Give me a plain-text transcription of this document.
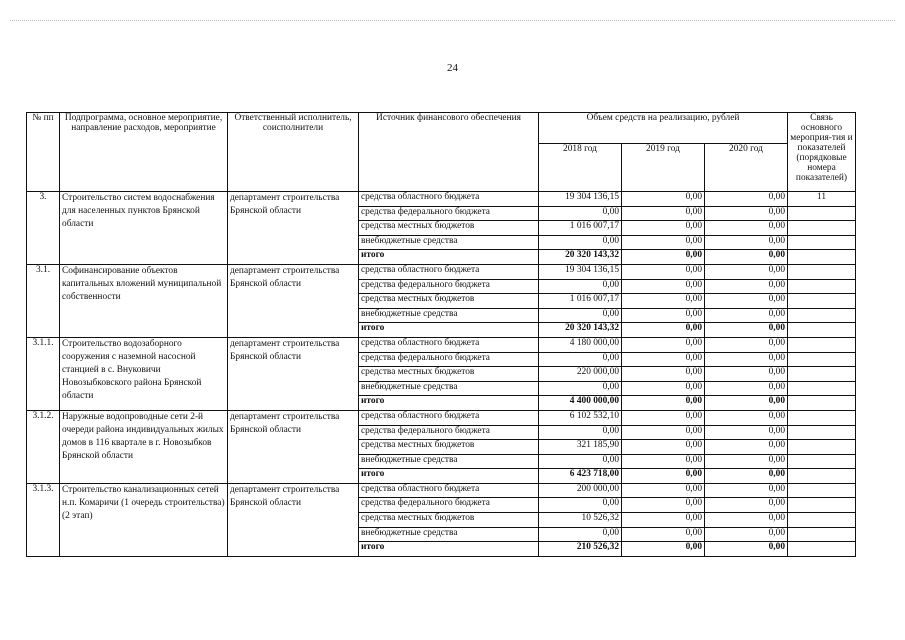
24
№ пп	Подпрограмма, основное мероприятие, направление расходов, мероприятие	Ответственный исполнитель, соисполнители	Источник финансового обеспечения	Объем средств на реализацию, рублей			Связь основного мероприя-тия и показателей (порядковые номера показателей)
				2018 год	2019 год	2020 год	
3.	Строительство систем водоснабжения для населенных пунктов Брянской области	департамент строительства Брянской области	средства областного бюджета	19 304 136,15	0,00	0,00	11
			средства федерального бюджета	0,00	0,00	0,00	
			средства местных бюджетов	1 016 007,17	0,00	0,00	
			внебюджетные средства	0,00	0,00	0,00	
			итого	20 320 143,32	0,00	0,00	
3.1.	Софинансирование объектов капитальных вложений муниципальной собственности	департамент строительства Брянской области	средства областного бюджета	19 304 136,15	0,00	0,00	
			средства федерального бюджета	0,00	0,00	0,00	
			средства местных бюджетов	1 016 007,17	0,00	0,00	
			внебюджетные средства	0,00	0,00	0,00	
			итого	20 320 143,32	0,00	0,00	
3.1.1.	Строительство водозаборного сооружения с наземной насосной станцией в с. Внуковичи Новозыбковского района Брянской области	департамент строительства Брянской области	средства областного бюджета	4 180 000,00	0,00	0,00	
			средства федерального бюджета	0,00	0,00	0,00	
			средства местных бюджетов	220 000,00	0,00	0,00	
			внебюджетные средства	0,00	0,00	0,00	
			итого	4 400 000,00	0,00	0,00	
3.1.2.	Наружные водопроводные сети 2-й очереди района индивидуальных жилых домов в 116 квартале в г. Новозыбков Брянской области	департамент строительства Брянской области	средства областного бюджета	6 102 532,10	0,00	0,00	
			средства федерального бюджета	0,00	0,00	0,00	
			средства местных бюджетов	321 185,90	0,00	0,00	
			внебюджетные средства	0,00	0,00	0,00	
			итого	6 423 718,00	0,00	0,00	
3.1.3.	Строительство канализационных сетей н.п. Комаричи (1 очередь строительства) (2 этап)	департамент строительства Брянской области	средства областного бюджета	200 000,00	0,00	0,00	
			средства федерального бюджета	0,00	0,00	0,00	
			средства местных бюджетов	10 526,32	0,00	0,00	
			внебюджетные средства	0,00	0,00	0,00	
			итого	210 526,32	0,00	0,00	
